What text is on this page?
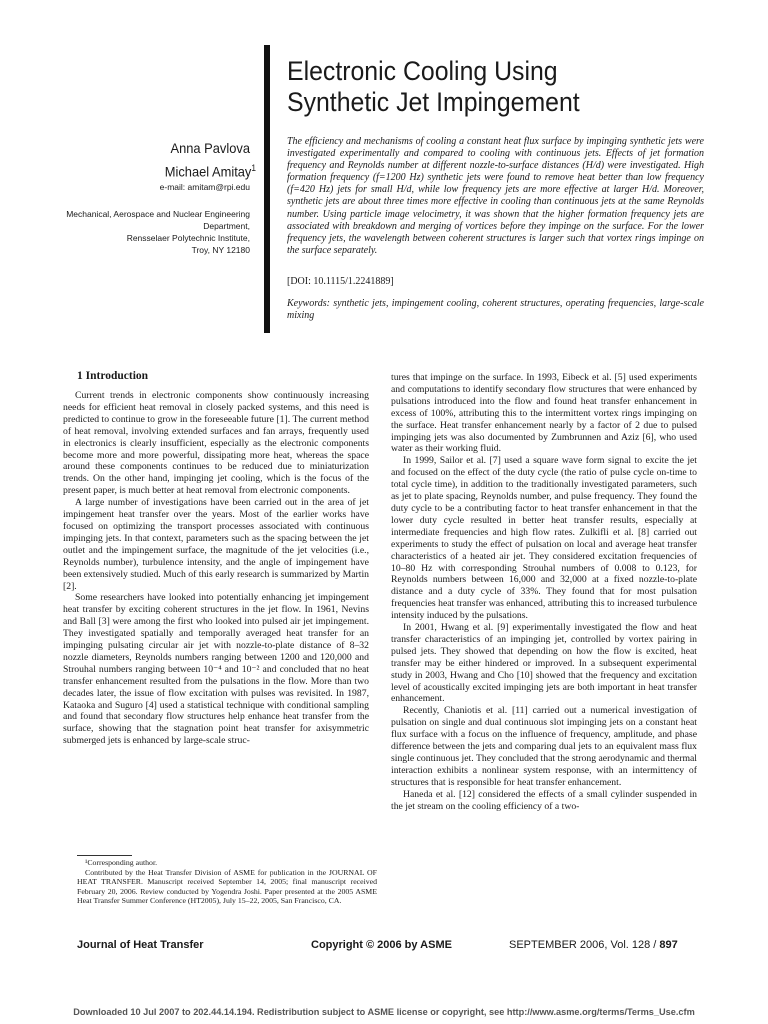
Electronic Cooling Using
Synthetic Jet Impingement
Anna Pavlova
Michael Amitay$^1$
e-mail: amitam@rpi.edu
Mechanical, Aerospace and Nuclear Engineering
Department,
Rensselaer Polytechnic Institute,
Troy, NY 12180

The efficiency and mechanisms of cooling a constant heat flux surface by impinging synthetic jets were investigated experimentally and compared to cooling with continuous jets. Effects of jet formation frequency and Reynolds number at different nozzle-to-surface distances (H/d) were investigated. High formation frequency (f=1200 Hz) synthetic jets were found to remove heat better than low frequency (f=420 Hz) jets for small H/d, while low frequency jets are more effective at larger H/d. Moreover, synthetic jets are about three times more effective in cooling than continuous jets at the same Reynolds number. Using particle image velocimetry, it was shown that the higher formation frequency jets are associated with breakdown and merging of vortices before they impinge on the surface. For the lower frequency jets, the wavelength between coherent structures is larger such that vortex rings impinge on the surface separately.

[DOI: 10.1115/1.2241889]
Keywords: synthetic jets, impingement cooling, coherent structures, operating frequencies, large-scale mixing
1 Introduction

Current trends in electronic components show continuously increasing needs for efficient heat removal in closely packed systems, and this need is predicted to continue to grow in the foreseeable future [1]. The current method of heat removal, involving extended surfaces and fan arrays, frequently used in electronics is clearly insufficient, especially as the electronic components become more and more powerful, dissipating more heat, whereas the space around these components continues to be reduced due to miniaturization trends. On the other hand, impinging jet cooling, which is the focus of the present paper, is much better at heat removal from electronic components.

A large number of investigations have been carried out in the area of jet impingement heat transfer over the years. Most of the earlier works have focused on optimizing the transport processes associated with continuous impinging jets. In that context, parameters such as the spacing between the jet outlet and the impingement surface, the magnitude of the jet velocities (i.e., Reynolds number), turbulence intensity, and the angle of impingement have been extensively studied. Much of this early research is summarized by Martin [2].

Some researchers have looked into potentially enhancing jet impingement heat transfer by exciting coherent structures in the jet flow. In 1961, Nevins and Ball [3] were among the first who looked into pulsed air jet impingement. They investigated spatially and temporally averaged heat transfer for an impinging pulsating circular air jet with nozzle-to-plate distance of 8–32 nozzle diameters, Reynolds numbers ranging between 1200 and 120,000 and Strouhal numbers ranging between 10⁻⁴ and 10⁻² and concluded that no heat transfer enhancement resulted from the pulsations in the flow. More than two decades later, the issue of flow excitation with pulses was revisited. In 1987, Kataoka and Suguro [4] used a statistical technique with conditional sampling and found that secondary flow structures help enhance heat transfer from the surface, showing that the stagnation point heat transfer for axisymmetric submerged jets is enhanced by large-scale struc-

tures that impinge on the surface. In 1993, Eibeck et al. [5] used experiments and computations to identify secondary flow structures that were enhanced by pulsations introduced into the flow and found heat transfer enhancement in excess of 100%, attributing this to the intermittent vortex rings impinging on the surface. Heat transfer enhancement nearly by a factor of 2 due to pulsed impinging jets was also documented by Zumbrunnen and Aziz [6], who used water as their working fluid.

In 1999, Sailor et al. [7] used a square wave form signal to excite the jet and focused on the effect of the duty cycle (the ratio of pulse cycle on-time to total cycle time), in addition to the traditionally investigated parameters, such as jet to plate spacing, Reynolds number, and pulse frequency. They found the duty cycle to be a contributing factor to heat transfer enhancement in that the lower duty cycle resulted in better heat transfer results, especially at intermediate frequencies and high flow rates. Zulkifli et al. [8] carried out experiments to study the effect of pulsation on local and average heat transfer characteristics of a heated air jet. They considered excitation frequencies of 10–80 Hz with corresponding Strouhal numbers of 0.008 to 0.123, for Reynolds numbers between 16,000 and 32,000 at a fixed nozzle-to-plate distance and a duty cycle of 33%. They found that for most pulsation frequencies heat transfer was enhanced, attributing this to increased turbulence intensity induced by the pulsations.

In 2001, Hwang et al. [9] experimentally investigated the flow and heat transfer characteristics of an impinging jet, controlled by vortex pairing in pulsed jets. They showed that depending on how the flow is excited, heat transfer may be either hindered or improved. In a subsequent experimental study in 2003, Hwang and Cho [10] showed that the frequency and excitation level of acoustically excited impinging jets are both important in heat transfer enhancement.

Recently, Chaniotis et al. [11] carried out a numerical investigation of pulsation on single and dual continuous slot impinging jets on a constant heat flux surface with a focus on the influence of frequency, amplitude, and phase difference between the jets and comparing dual jets to an equivalent mass flux single continuous jet. They concluded that the strong aerodynamic and thermal interaction exhibits a nonlinear system response, with an intermittency of structures that is responsible for heat transfer enhancement.

Haneda et al. [12] considered the effects of a small cylinder suspended in the jet stream on the cooling efficiency of a two-

¹Corresponding author.

Contributed by the Heat Transfer Division of ASME for publication in the JOURNAL OF HEAT TRANSFER. Manuscript received September 14, 2005; final manuscript received February 20, 2006. Review conducted by Yogendra Joshi. Paper presented at the 2005 ASME Heat Transfer Summer Conference (HT2005), July 15–22, 2005, San Francisco, CA.

Journal of Heat Transfer	Copyright © 2006 by ASME	SEPTEMBER 2006, Vol. 128 / 897
Downloaded 10 Jul 2007 to 202.44.14.194. Redistribution subject to ASME license or copyright, see http://www.asme.org/terms/Terms_Use.cfm
